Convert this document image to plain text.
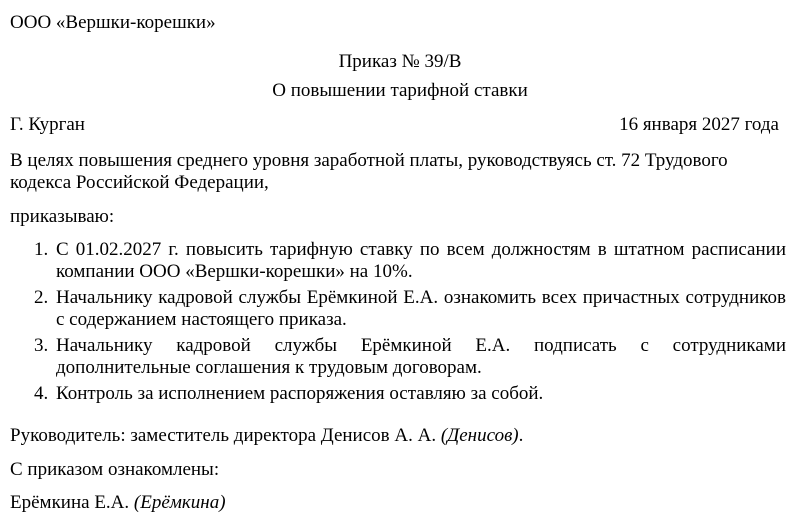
ООО «Вершки-корешки»

Приказ № 39/В

О повышении тарифной ставки

Г. Курган	16 января 2027 года

В целях повышения среднего уровня заработной платы, руководствуясь ст. 72 Трудового кодекса Российской Федерации,

приказываю:

1. С 01.02.2027 г. повысить тарифную ставку по всем должностям в штатном расписании компании ООО «Вершки-корешки» на 10%.
2. Начальнику кадровой службы Ерёмкиной Е.А. ознакомить всех причастных сотрудников с содержанием настоящего приказа.
3. Начальнику кадровой службы Ерёмкиной Е.А. подписать с сотрудниками дополнительные соглашения к трудовым договорам.
4. Контроль за исполнением распоряжения оставляю за собой.

Руководитель: заместитель директора Денисов А. А. (Денисов).

С приказом ознакомлены:

Ерёмкина Е.А. (Ерёмкина)
